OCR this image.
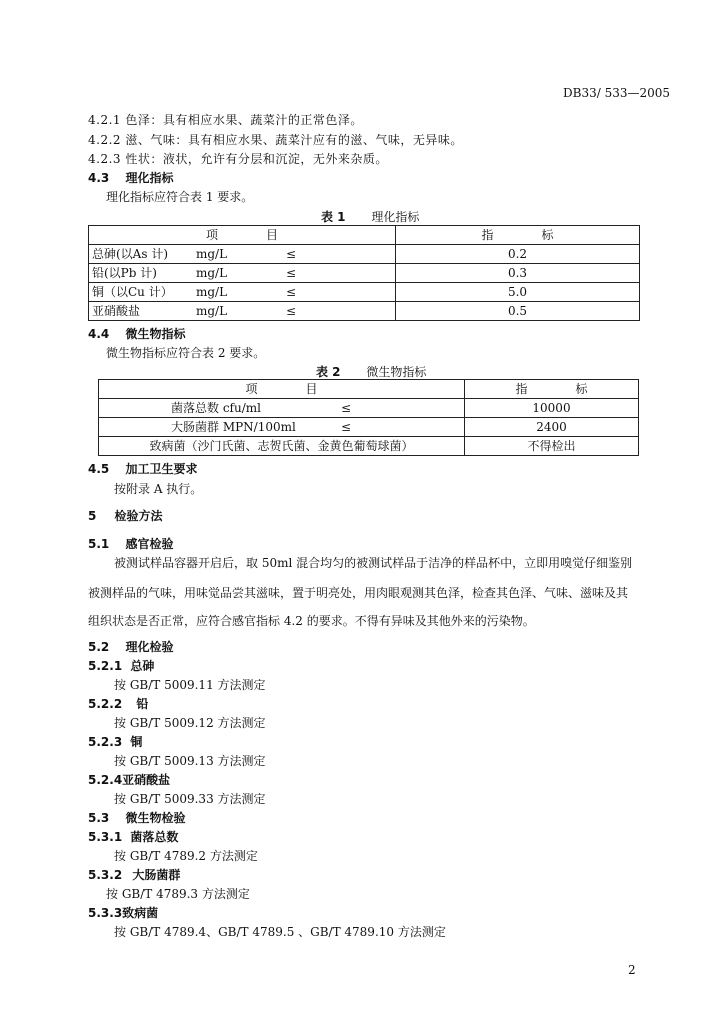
DB33/ 533—2005
4.2.1 色泽：具有相应水果、蔬菜汁的正常色泽。
4.2.2 滋、气味：具有相应水果、蔬菜汁应有的滋、气味，无异味。
4.2.3 性状：液状，允许有分层和沉淀，无外来杂质。
4.3 理化指标
理化指标应符合表 1 要求。
表 1 理化指标
项　　　　目	指　　　　标
总砷(以As 计) mg/L ≤	0.2
铅(以Pb 计) mg/L ≤	0.3
铜（以Cu 计） mg/L ≤	5.0
亚硝酸盐 mg/L ≤	0.5
4.4 微生物指标
微生物指标应符合表 2 要求。
表 2 微生物指标
项　　　　目	指　　　　标
菌落总数 cfu/ml ≤	10000
大肠菌群 MPN/100ml ≤	2400
致病菌（沙门氏菌、志贺氏菌、金黄色葡萄球菌）	不得检出
4.5 加工卫生要求
按附录 A 执行。
5 检验方法
5.1 感官检验
被测试样品容器开启后，取 50ml 混合均匀的被测试样品于洁净的样品杯中，立即用嗅觉仔细鉴别
被测样品的气味，用味觉品尝其滋味，置于明亮处，用肉眼观测其色泽，检查其色泽、气味、滋味及其
组织状态是否正常，应符合感官指标 4.2 的要求。不得有异味及其他外来的污染物。
5.2 理化检验
5.2.1 总砷
按 GB/T 5009.11 方法测定
5.2.2 铅
按 GB/T 5009.12 方法测定
5.2.3 铜
按 GB/T 5009.13 方法测定
5.2.4亚硝酸盐
按 GB/T 5009.33 方法测定
5.3 微生物检验
5.3.1 菌落总数
按 GB/T 4789.2 方法测定
5.3.2 大肠菌群
按 GB/T 4789.3 方法测定
5.3.3致病菌
按 GB/T 4789.4、GB/T 4789.5 、GB/T 4789.10 方法测定
2
